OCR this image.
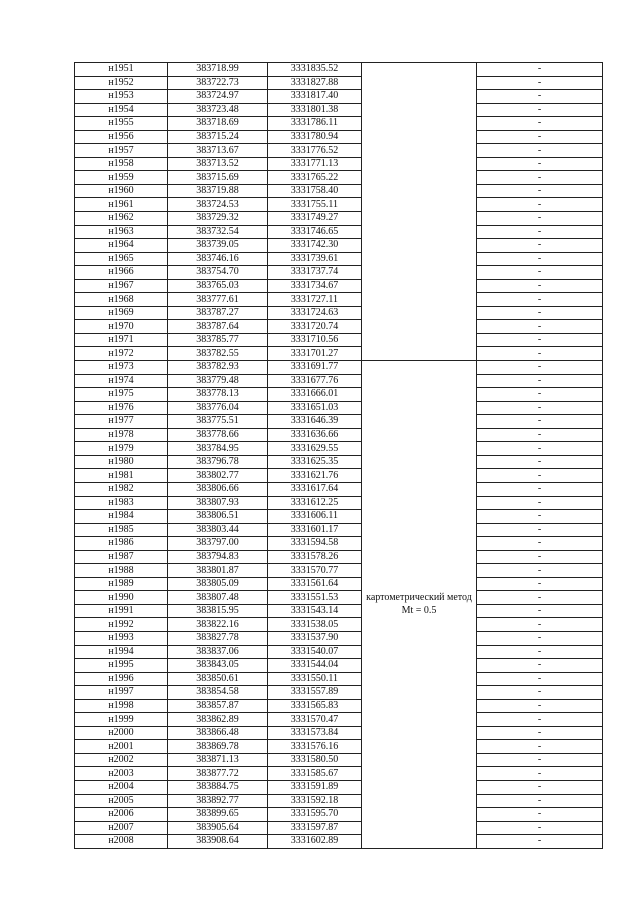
н1951	383718.99	3331835.52		-
н1952	383722.73	3331827.88		-
н1953	383724.97	3331817.40		-
н1954	383723.48	3331801.38		-
н1955	383718.69	3331786.11		-
н1956	383715.24	3331780.94		-
н1957	383713.67	3331776.52		-
н1958	383713.52	3331771.13		-
н1959	383715.69	3331765.22		-
н1960	383719.88	3331758.40		-
н1961	383724.53	3331755.11		-
н1962	383729.32	3331749.27		-
н1963	383732.54	3331746.65		-
н1964	383739.05	3331742.30		-
н1965	383746.16	3331739.61		-
н1966	383754.70	3331737.74		-
н1967	383765.03	3331734.67		-
н1968	383777.61	3331727.11		-
н1969	383787.27	3331724.63		-
н1970	383787.64	3331720.74		-
н1971	383785.77	3331710.56		-
н1972	383782.55	3331701.27		-
н1973	383782.93	3331691.77	картометрический метод Mt = 0.5	-
н1974	383779.48	3331677.76		-
н1975	383778.13	3331666.01		-
н1976	383776.04	3331651.03		-
н1977	383775.51	3331646.39		-
н1978	383778.66	3331636.66		-
н1979	383784.95	3331629.55		-
н1980	383796.78	3331625.35		-
н1981	383802.77	3331621.76		-
н1982	383806.66	3331617.64		-
н1983	383807.93	3331612.25		-
н1984	383806.51	3331606.11		-
н1985	383803.44	3331601.17		-
н1986	383797.00	3331594.58		-
н1987	383794.83	3331578.26		-
н1988	383801.87	3331570.77		-
н1989	383805.09	3331561.64		-
н1990	383807.48	3331551.53		-
н1991	383815.95	3331543.14		-
н1992	383822.16	3331538.05		-
н1993	383827.78	3331537.90		-
н1994	383837.06	3331540.07		-
н1995	383843.05	3331544.04		-
н1996	383850.61	3331550.11		-
н1997	383854.58	3331557.89		-
н1998	383857.87	3331565.83		-
н1999	383862.89	3331570.47		-
н2000	383866.48	3331573.84		-
н2001	383869.78	3331576.16		-
н2002	383871.13	3331580.50		-
н2003	383877.72	3331585.67		-
н2004	383884.75	3331591.89		-
н2005	383892.77	3331592.18		-
н2006	383899.65	3331595.70		-
н2007	383905.64	3331597.87		-
н2008	383908.64	3331602.89		-
